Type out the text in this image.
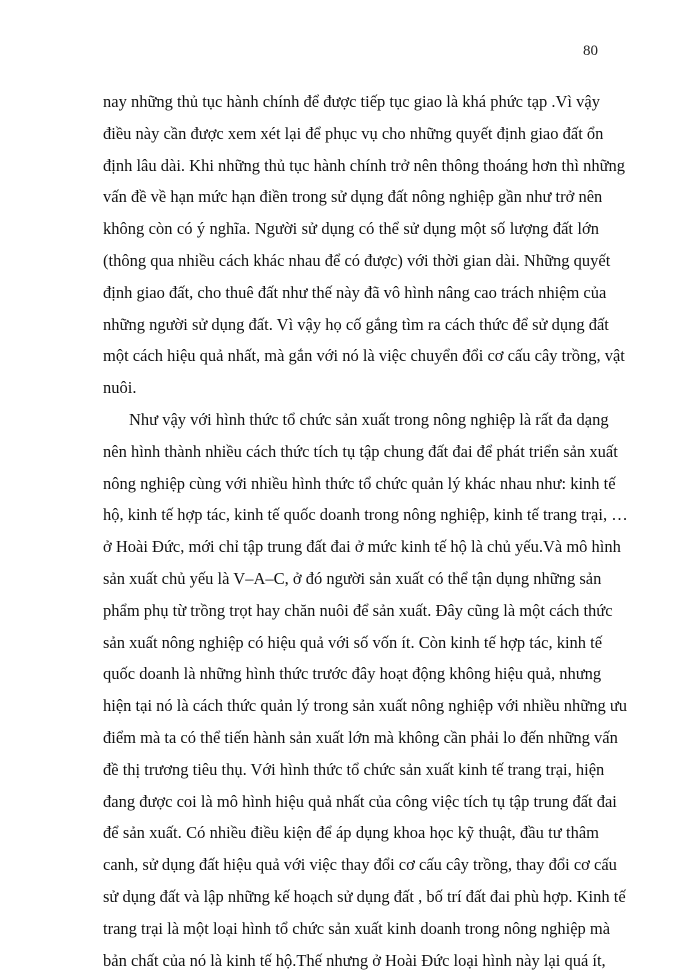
80
nay những thủ tục hành chính để được tiếp tục giao là khá phức tạp .Vì vậy
điều này cần được xem xét lại để phục vụ cho những quyết định giao đất ổn
định lâu dài. Khi những thủ tục hành chính trở nên thông thoáng hơn thì những
vấn đề về hạn mức hạn điền trong sử dụng đất nông nghiệp gần như trở nên
không còn có ý nghĩa. Người sử dụng có thể sử dụng một số lượng đất lớn
(thông qua nhiều cách khác nhau để có được) với thời gian dài. Những quyết
định giao đất, cho thuê đất như thế này đã vô hình nâng cao trách nhiệm của
những người sử dụng đất. Vì vậy họ cố gắng tìm ra cách thức để sử dụng đất
một cách hiệu quả nhất, mà gắn với nó là việc chuyển đổi cơ cấu cây trồng, vật
nuôi.
Như vậy với hình thức tổ chức sản xuất trong nông nghiệp là rất đa dạng
nên hình thành nhiều cách thức tích tụ tập chung đất đai để phát triển sản xuất
nông nghiệp cùng với nhiều hình thức tổ chức quản lý khác nhau như: kinh tế
hộ, kinh tế hợp tác, kinh tế quốc doanh trong nông nghiệp, kinh tế trang trại, …
ở Hoài Đức, mới chỉ tập trung đất đai ở mức kinh tế hộ là chủ yếu.Và mô hình
sản xuất chủ yếu là V–A–C, ở đó người sản xuất có thể tận dụng những sản
phẩm phụ từ trồng trọt hay chăn nuôi để sản xuất. Đây cũng là một cách thức
sản xuất nông nghiệp có hiệu quả với số vốn ít. Còn kinh tế hợp tác, kinh tế
quốc doanh là những hình thức trước đây hoạt động không hiệu quả, nhưng
hiện tại nó là cách thức quản lý trong sản xuất nông nghiệp với nhiều những ưu
điểm mà ta có thể tiến hành sản xuất lớn mà không cần phải lo đến những vấn
đề thị trương tiêu thụ. Với hình thức tổ chức sản xuất kinh tế trang trại, hiện
đang được coi là mô hình hiệu quả nhất của công việc tích tụ tập trung đất đai
để sản xuất. Có nhiều điều kiện để áp dụng khoa học kỹ thuật, đầu tư thâm
canh, sử dụng đất hiệu quả với việc thay đổi cơ cấu cây trồng, thay đổi cơ cấu
sử dụng đất và lập những kế hoạch sử dụng đất , bố trí đất đai phù hợp. Kinh tế
trang trại là một loại hình tổ chức sản xuất kinh doanh trong nông nghiệp mà
bản chất của nó là kinh tế hộ.Thế nhưng ở Hoài Đức loại hình này lại quá ít,
